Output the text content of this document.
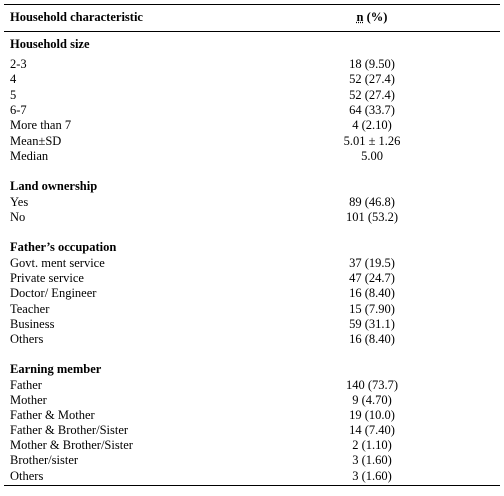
Household characteristic	n (%)
Household size
2-3	18 (9.50)
4	52 (27.4)
5	52 (27.4)
6-7	64 (33.7)
More than 7	4 (2.10)
Mean±SD	5.01 ± 1.26
Median	5.00
Land ownership
Yes	89 (46.8)
No	101 (53.2)
Father’s occupation
Govt. ment service	37 (19.5)
Private service	47 (24.7)
Doctor/ Engineer	16 (8.40)
Teacher	15 (7.90)
Business	59 (31.1)
Others	16 (8.40)
Earning member
Father	140 (73.7)
Mother	9 (4.70)
Father & Mother	19 (10.0)
Father & Brother/Sister	14 (7.40)
Mother & Brother/Sister	2 (1.10)
Brother/sister	3 (1.60)
Others	3 (1.60)
